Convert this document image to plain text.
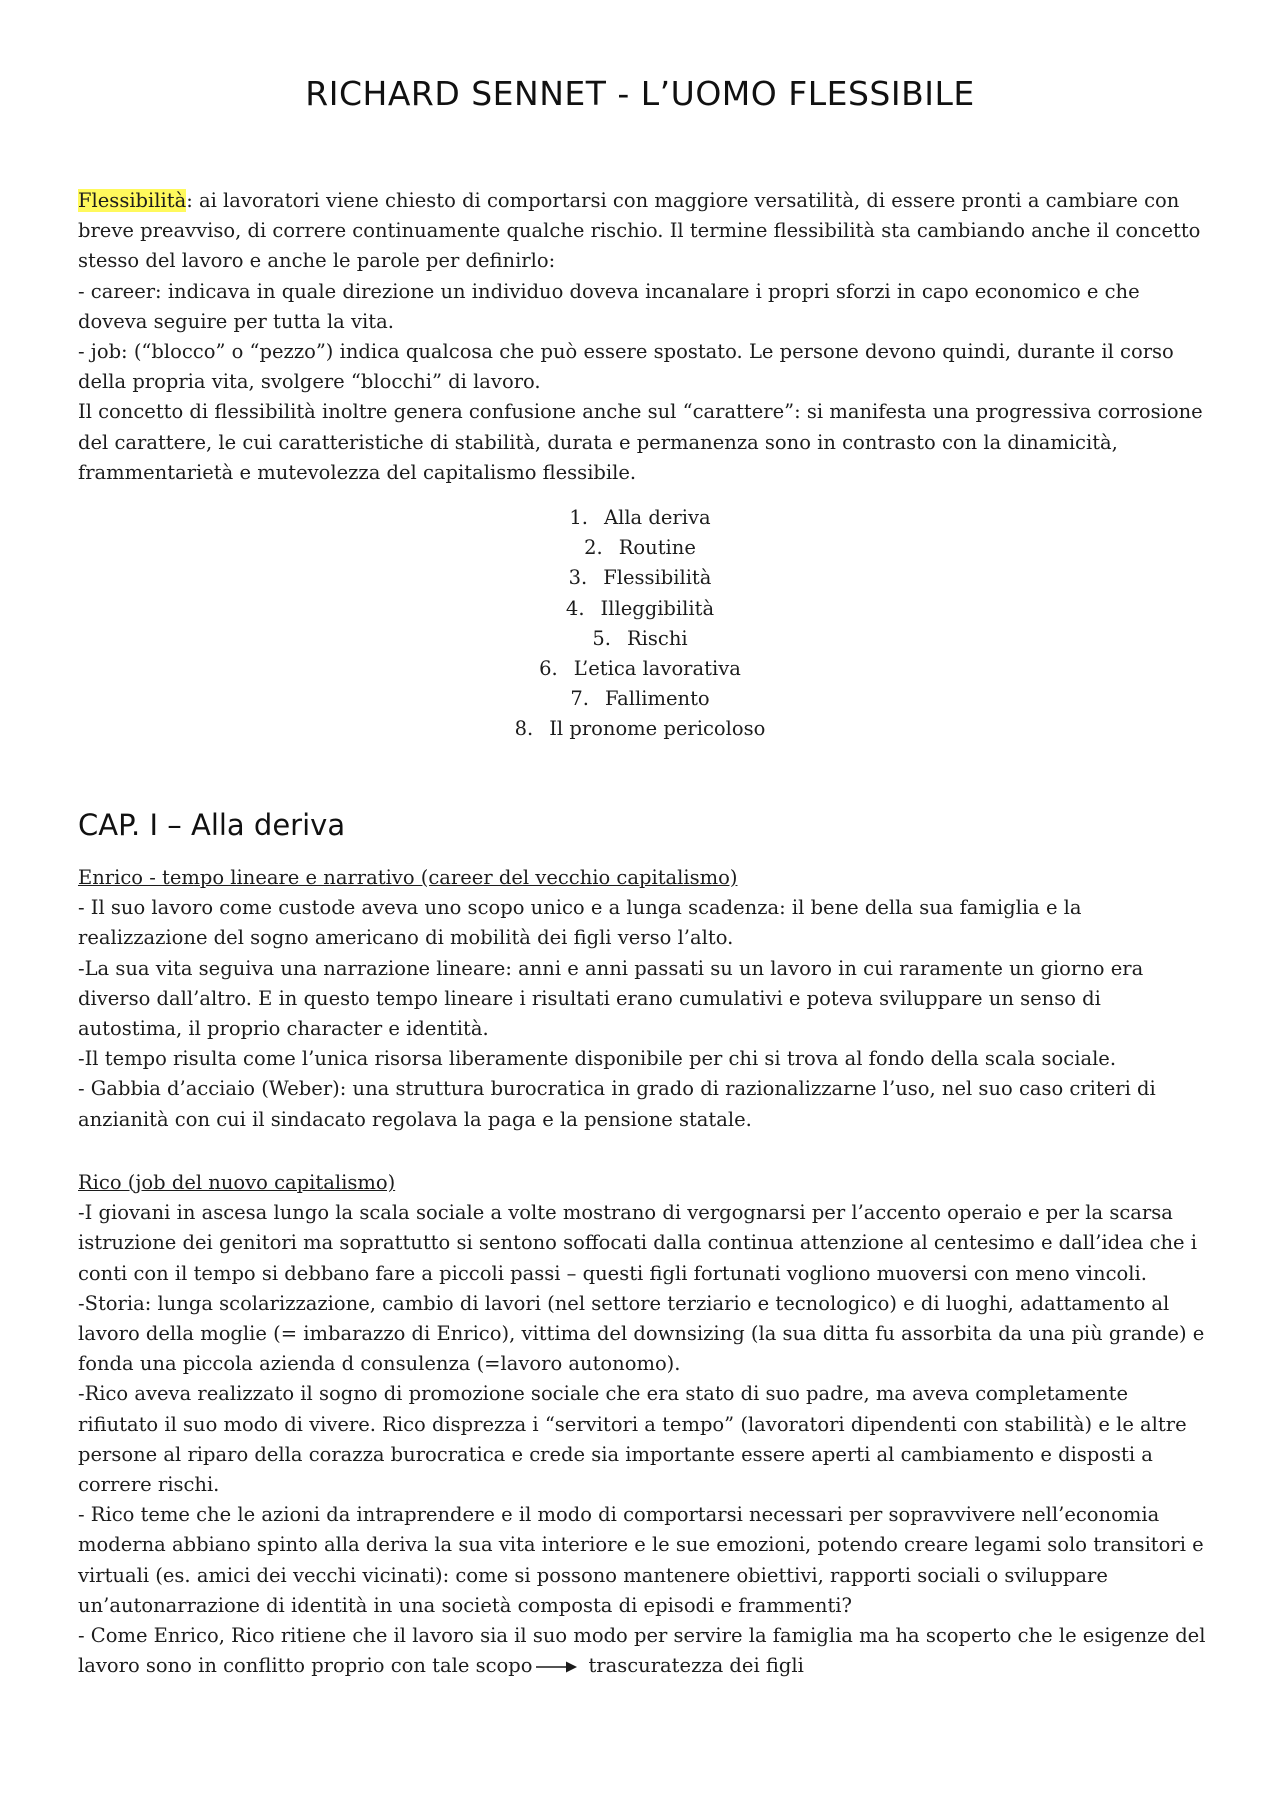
RICHARD SENNET - L’UOMO FLESSIBILE

Flessibilità: ai lavoratori viene chiesto di comportarsi con maggiore versatilità, di essere pronti a cambiare con breve preavviso, di correre continuamente qualche rischio. Il termine flessibilità sta cambiando anche il concetto stesso del lavoro e anche le parole per definirlo:

- career: indicava in quale direzione un individuo doveva incanalare i propri sforzi in capo economico e che doveva seguire per tutta la vita.

- job: (“blocco” o “pezzo”) indica qualcosa che può essere spostato. Le persone devono quindi, durante il corso della propria vita, svolgere “blocchi” di lavoro.

Il concetto di flessibilità inoltre genera confusione anche sul “carattere”: si manifesta una progressiva corrosione del carattere, le cui caratteristiche di stabilità, durata e permanenza sono in contrasto con la dinamicità, frammentarietà e mutevolezza del capitalismo flessibile.

1. Alla deriva
2. Routine
3. Flessibilità
4. Illeggibilità
5. Rischi
6. L’etica lavorativa
7. Fallimento
8. Il pronome pericoloso
CAP. I – Alla deriva

Enrico - tempo lineare e narrativo (career del vecchio capitalismo)

- Il suo lavoro come custode aveva uno scopo unico e a lunga scadenza: il bene della sua famiglia e la realizzazione del sogno americano di mobilità dei figli verso l’alto.

-La sua vita seguiva una narrazione lineare: anni e anni passati su un lavoro in cui raramente un giorno era diverso dall’altro. E in questo tempo lineare i risultati erano cumulativi e poteva sviluppare un senso di autostima, il proprio character e identità.

-Il tempo risulta come l’unica risorsa liberamente disponibile per chi si trova al fondo della scala sociale.

- Gabbia d’acciaio (Weber): una struttura burocratica in grado di razionalizzarne l’uso, nel suo caso criteri di anzianità con cui il sindacato regolava la paga e la pensione statale.

Rico (job del nuovo capitalismo)

-I giovani in ascesa lungo la scala sociale a volte mostrano di vergognarsi per l’accento operaio e per la scarsa istruzione dei genitori ma soprattutto si sentono soffocati dalla continua attenzione al centesimo e dall’idea che i conti con il tempo si debbano fare a piccoli passi – questi figli fortunati vogliono muoversi con meno vincoli.

-Storia: lunga scolarizzazione, cambio di lavori (nel settore terziario e tecnologico) e di luoghi, adattamento al lavoro della moglie (= imbarazzo di Enrico), vittima del downsizing (la sua ditta fu assorbita da una più grande) e fonda una piccola azienda d consulenza (=lavoro autonomo).

-Rico aveva realizzato il sogno di promozione sociale che era stato di suo padre, ma aveva completamente rifiutato il suo modo di vivere. Rico disprezza i “servitori a tempo” (lavoratori dipendenti con stabilità) e le altre persone al riparo della corazza burocratica e crede sia importante essere aperti al cambiamento e disposti a correre rischi.

- Rico teme che le azioni da intraprendere e il modo di comportarsi necessari per sopravvivere nell’economia moderna abbiano spinto alla deriva la sua vita interiore e le sue emozioni, potendo creare legami solo transitori e virtuali (es. amici dei vecchi vicinati): come si possono mantenere obiettivi, rapporti sociali o sviluppare un’autonarrazione di identità in una società composta di episodi e frammenti?

- Come Enrico, Rico ritiene che il lavoro sia il suo modo per servire la famiglia ma ha scoperto che le esigenze del lavoro sono in conflitto proprio con tale scopo	trascuratezza dei figli
